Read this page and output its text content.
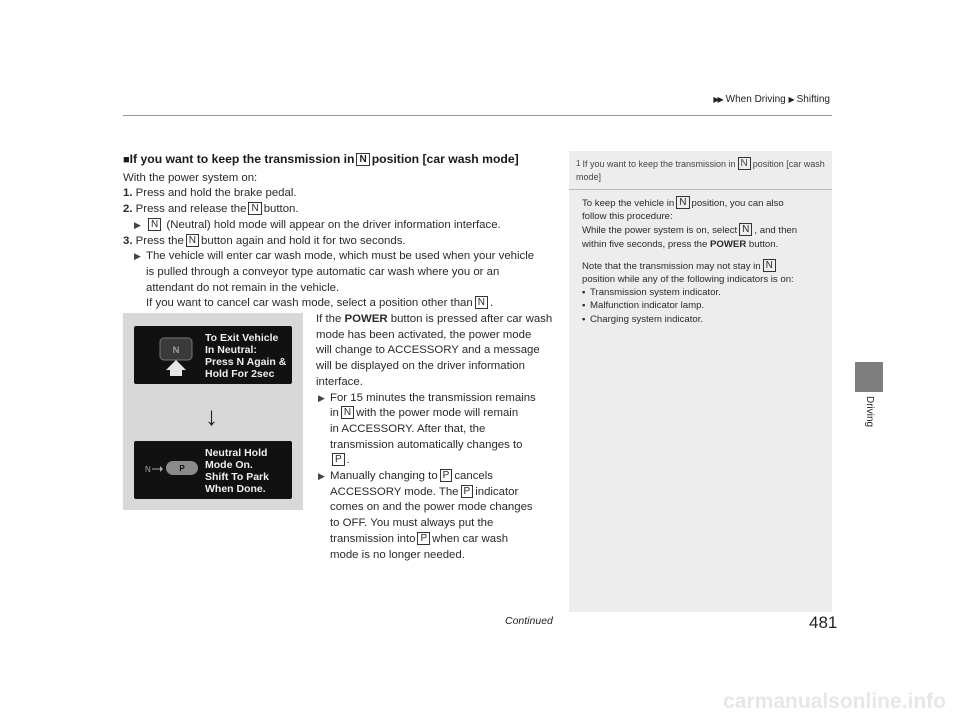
▶▶ When Driving ▶ Shifting
Driving
■If you want to keep the transmission in N position [car wash mode]
With the power system on:
1. Press and hold the brake pedal.
2. Press and release the N button.
▶ N (Neutral) hold mode will appear on the driver information interface.
3. Press the N button again and hold it for two seconds.
▶ The vehicle will enter car wash mode, which must be used when your vehicle
is pulled through a conveyor type automatic car wash where you or an
attendant do not remain in the vehicle.
If you want to cancel car wash mode, select a position other than N .
N
To Exit Vehicle
In Neutral:
Press N Again &
Hold For 2sec
↓
N	P
Neutral Hold
Mode On.
Shift To Park
When Done.
If the POWER button is pressed after car wash
mode has been activated, the power mode
will change to ACCESSORY and a message
will be displayed on the driver information
interface.
▶ For 15 minutes the transmission remains
in N with the power mode will remain
in ACCESSORY. After that, the
transmission automatically changes to
P .
▶ Manually changing to P cancels
ACCESSORY mode. The P indicator
comes on and the power mode changes
to OFF. You must always put the
transmission into P when car wash
mode is no longer needed.
1 If you want to keep the transmission in N position [car wash
mode]

To keep the vehicle in N position, you can also
follow this procedure:
While the power system is on, select N , and then
within five seconds, press the POWER button.

Note that the transmission may not stay in N
position while any of the following indicators is on:

• Transmission system indicator.
• Malfunction indicator lamp.
• Charging system indicator.
Continued	481
carmanualsonline.info
